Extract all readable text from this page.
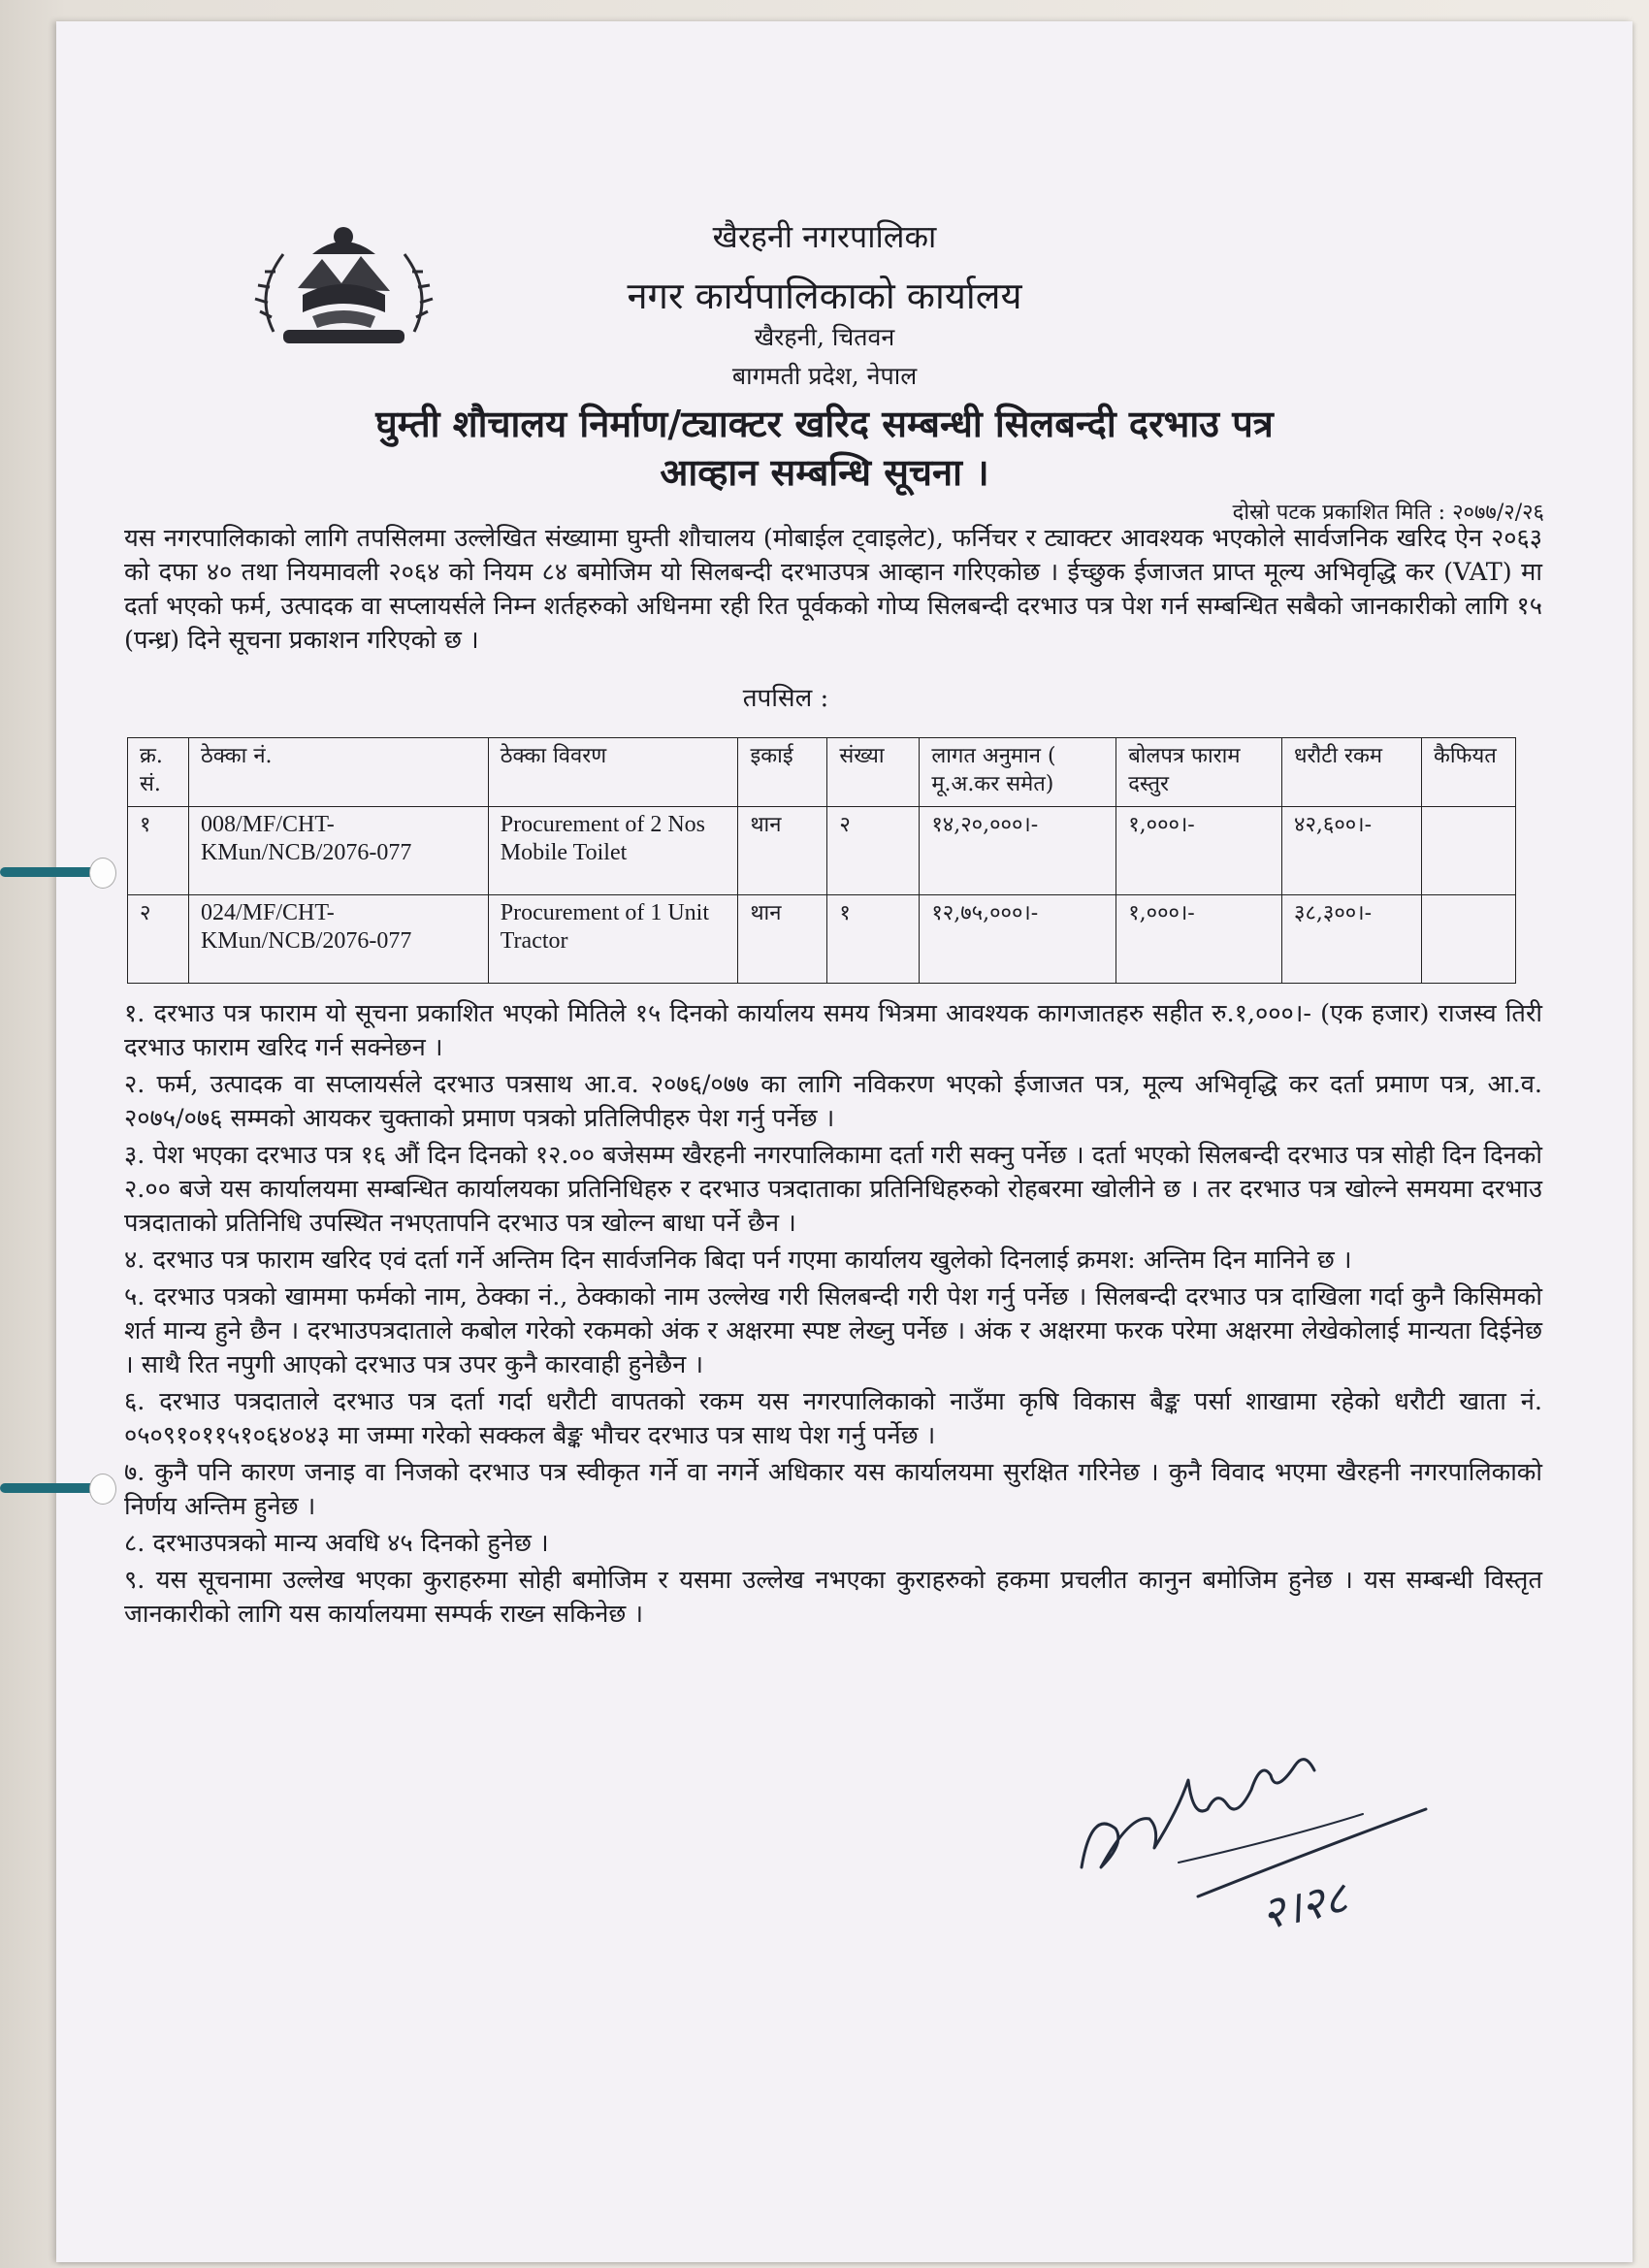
खैरहनी नगरपालिका
नगर कार्यपालिकाको कार्यालय
खैरहनी, चितवन
बागमती प्रदेश, नेपाल
घुम्ती शौचालय निर्माण/ट्याक्टर खरिद सम्बन्धी सिलबन्दी दरभाउ पत्र
आव्हान सम्बन्धि सूचना ।
दोस्रो पटक प्रकाशित मिति : २०७७/२/२६

यस नगरपालिकाको लागि तपसिलमा उल्लेखित संख्यामा घुम्ती शौचालय (मोबाईल ट्वाइलेट), फर्निचर र ट्याक्टर आवश्यक भएकोले सार्वजनिक खरिद ऐन २०६३ को दफा ४० तथा नियमावली २०६४ को नियम ८४ बमोजिम यो सिलबन्दी दरभाउपत्र आव्हान गरिएकोछ । ईच्छुक ईजाजत प्राप्त मूल्य अभिवृद्धि कर (VAT) मा दर्ता भएको फर्म, उत्पादक वा सप्लायर्सले निम्न शर्तहरुको अधिनमा रही रित पूर्वकको गोप्य सिलबन्दी दरभाउ पत्र पेश गर्न सम्बन्धित सबैको जानकारीको लागि १५ (पन्ध्र) दिने सूचना प्रकाशन गरिएको छ ।

तपसिल :
क्र. सं.	ठेक्का नं.	ठेक्का विवरण	इकाई	संख्या	लागत अनुमान ( मू.अ.कर समेत)	बोलपत्र फाराम दस्तुर	धरौटी रकम	कैफियत
१	008/MF/CHT-KMun/NCB/2076-077	Procurement of 2 Nos Mobile Toilet	थान	२	१४,२०,०००।-	१,०००।-	४२,६००।-	
२	024/MF/CHT-KMun/NCB/2076-077	Procurement of 1 Unit Tractor	थान	१	१२,७५,०००।-	१,०००।-	३८,३००।-	

१. दरभाउ पत्र फाराम यो सूचना प्रकाशित भएको मितिले १५ दिनको कार्यालय समय भित्रमा आवश्यक कागजातहरु सहीत रु.१,०००।- (एक हजार) राजस्व तिरी दरभाउ फाराम खरिद गर्न सक्नेछन ।

२. फर्म, उत्पादक वा सप्लायर्सले दरभाउ पत्रसाथ आ.व. २०७६/०७७ का लागि नविकरण भएको ईजाजत पत्र, मूल्य अभिवृद्धि कर दर्ता प्रमाण पत्र, आ.व. २०७५/०७६ सम्मको आयकर चुक्ताको प्रमाण पत्रको प्रतिलिपीहरु पेश गर्नु पर्नेछ ।

३. पेश भएका दरभाउ पत्र १६ औं दिन दिनको १२.०० बजेसम्म खैरहनी नगरपालिकामा दर्ता गरी सक्नु पर्नेछ । दर्ता भएको सिलबन्दी दरभाउ पत्र सोही दिन दिनको २.०० बजे यस कार्यालयमा सम्बन्धित कार्यालयका प्रतिनिधिहरु र दरभाउ पत्रदाताका प्रतिनिधिहरुको रोहबरमा खोलीने छ । तर दरभाउ पत्र खोल्ने समयमा दरभाउ पत्रदाताको प्रतिनिधि उपस्थित नभएतापनि दरभाउ पत्र खोल्न बाधा पर्ने छैन ।

४. दरभाउ पत्र फाराम खरिद एवं दर्ता गर्ने अन्तिम दिन सार्वजनिक बिदा पर्न गएमा कार्यालय खुलेको दिनलाई क्रमश: अन्तिम दिन मानिने छ ।

५. दरभाउ पत्रको खाममा फर्मको नाम, ठेक्का नं., ठेक्काको नाम उल्लेख गरी सिलबन्दी गरी पेश गर्नु पर्नेछ । सिलबन्दी दरभाउ पत्र दाखिला गर्दा कुनै किसिमको शर्त मान्य हुने छैन । दरभाउपत्रदाताले कबोल गरेको रकमको अंक र अक्षरमा स्पष्ट लेख्नु पर्नेछ । अंक र अक्षरमा फरक परेमा अक्षरमा लेखेकोलाई मान्यता दिईनेछ । साथै रित नपुगी आएको दरभाउ पत्र उपर कुनै कारवाही हुनेछैन ।

६. दरभाउ पत्रदाताले दरभाउ पत्र दर्ता गर्दा धरौटी वापतको रकम यस नगरपालिकाको नाउँमा कृषि विकास बैङ्क पर्सा शाखामा रहेको धरौटी खाता नं. ०५०९१०११५१०६४०४३ मा जम्मा गरेको सक्कल बैङ्क भौचर दरभाउ पत्र साथ पेश गर्नु पर्नेछ ।

७. कुनै पनि कारण जनाइ वा निजको दरभाउ पत्र स्वीकृत गर्ने वा नगर्ने अधिकार यस कार्यालयमा सुरक्षित गरिनेछ । कुनै विवाद भएमा खैरहनी नगरपालिकाको निर्णय अन्तिम हुनेछ ।

८. दरभाउपत्रको मान्य अवधि ४५ दिनको हुनेछ ।

९. यस सूचनामा उल्लेख भएका कुराहरुमा सोही बमोजिम र यसमा उल्लेख नभएका कुराहरुको हकमा प्रचलीत कानुन बमोजिम हुनेछ । यस सम्बन्धी विस्तृत जानकारीको लागि यस कार्यालयमा सम्पर्क राख्न सकिनेछ ।

२।२८
